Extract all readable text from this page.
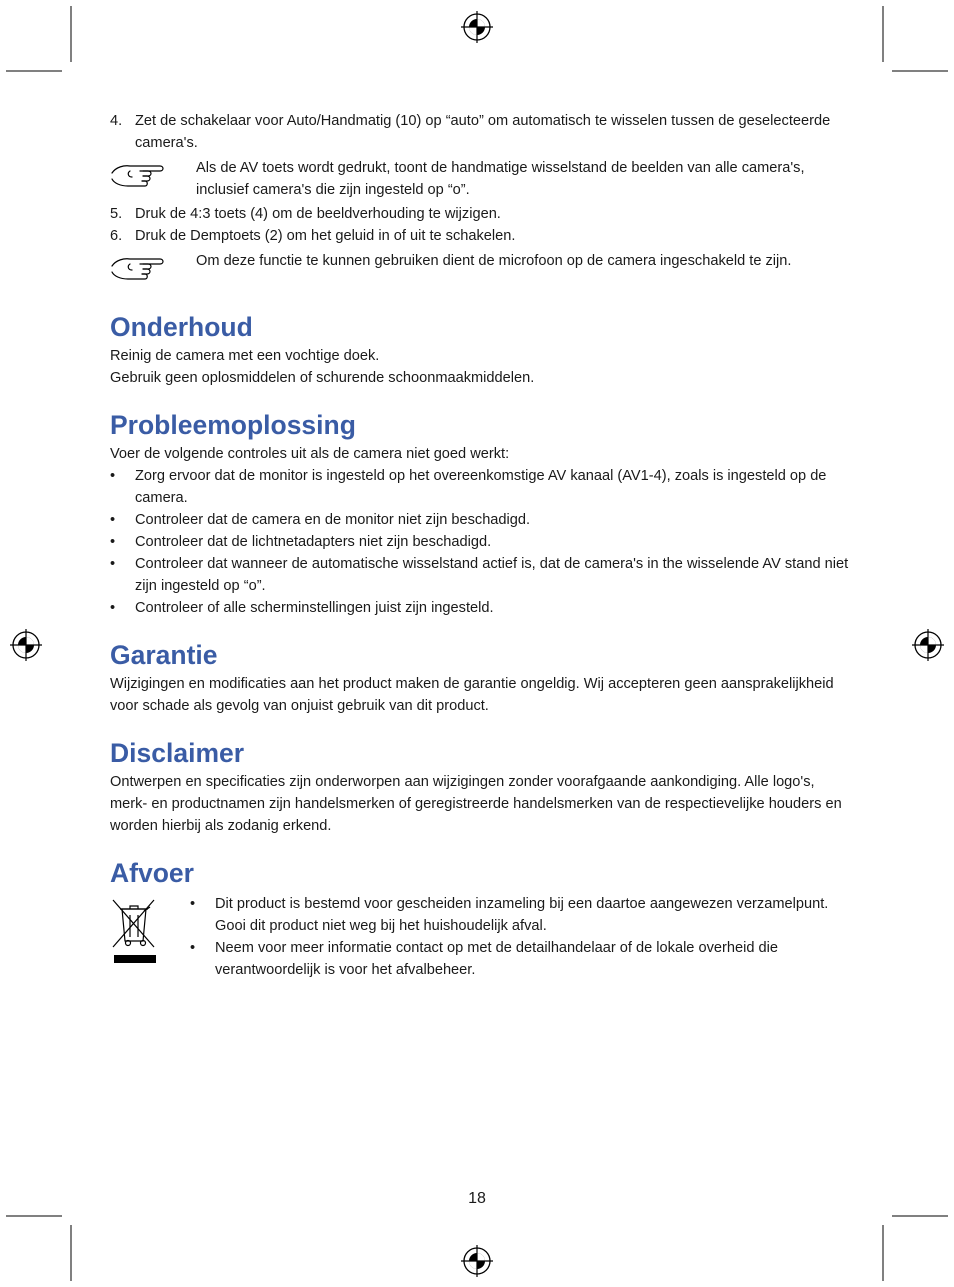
4. Zet de schakelaar voor Auto/Handmatig (10) op “auto” om automatisch te wisselen tussen de geselecteerde camera's.
Als de AV toets wordt gedrukt, toont de handmatige wisselstand de beelden van alle camera's, inclusief camera's die zijn ingesteld op “ο”.
5. Druk de 4:3 toets (4) om de beeldverhouding te wijzigen.
6. Druk de Demptoets (2) om het geluid in of uit te schakelen.
Om deze functie te kunnen gebruiken dient de microfoon op de camera ingeschakeld te zijn.
Onderhoud

Reinig de camera met een vochtige doek.

Gebruik geen oplosmiddelen of schurende schoonmaakmiddelen.

Probleemoplossing

Voer de volgende controles uit als de camera niet goed werkt:

•	Zorg ervoor dat de monitor is ingesteld op het overeenkomstige AV kanaal (AV1-4), zoals is ingesteld op de camera.
•	Controleer dat de camera en de monitor niet zijn beschadigd.
•	Controleer dat de lichtnetadapters niet zijn beschadigd.
•	Controleer dat wanneer de automatische wisselstand actief is, dat de camera's in the wisselende AV stand niet zijn ingesteld op “ο”.
•	Controleer of alle scherminstellingen juist zijn ingesteld.
Garantie

Wijzigingen en modificaties aan het product maken de garantie ongeldig. Wij accepteren geen aansprakelijkheid voor schade als gevolg van onjuist gebruik van dit product.

Disclaimer

Ontwerpen en specificaties zijn onderworpen aan wijzigingen zonder voorafgaande aankondiging. Alle logo's, merk- en productnamen zijn handelsmerken of geregistreerde handelsmerken van de respectievelijke houders en worden hierbij als zodanig erkend.

Afvoer
•	Dit product is bestemd voor gescheiden inzameling bij een daartoe aangewezen verzamelpunt. Gooi dit product niet weg bij het huishoudelijk afval.
•	Neem voor meer informatie contact op met de detailhandelaar of de lokale overheid die verantwoordelijk is voor het afvalbeheer.
18
